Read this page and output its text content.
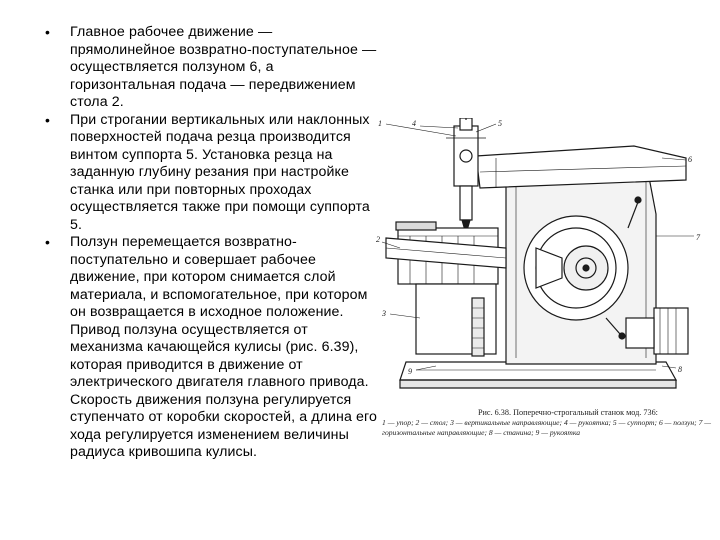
• Главное рабочее движение — прямолинейное возвратно-поступательное — осуществляется ползуном 6, а горизонтальная подача — передвижением стола 2.
• При строгании вертикальных или наклонных поверхностей подача резца производится винтом суппорта 5. Установка резца на заданную глубину резания при настройке станка или при повторных проходах осуществляется также при помощи суппорта 5.
• Ползун перемещается возвратно-поступательно и совершает рабочее движение, при котором снимается слой материала, и вспомогательное, при котором он возвращается в исходное положение. Привод ползуна осуществляется от механизма качающейся кулисы (рис. 6.39), которая приводится в движение от электрического двигателя главного привода. Скорость движения ползуна регулируется ступенчато от коробки скоростей, а длина его хода регулируется изменением величины радиуса кривошипа кулисы.
1
2
3
4	5
6
7
8
9
Рис. 6.38. Поперечно-строгальный станок мод. 736:
1 — упор; 2 — стол; 3 — вертикальные направляющие; 4 — рукоятка; 5 — суппорт; 6 — ползун; 7 — горизонтальные направляющие; 8 — станина; 9 — рукоятка
